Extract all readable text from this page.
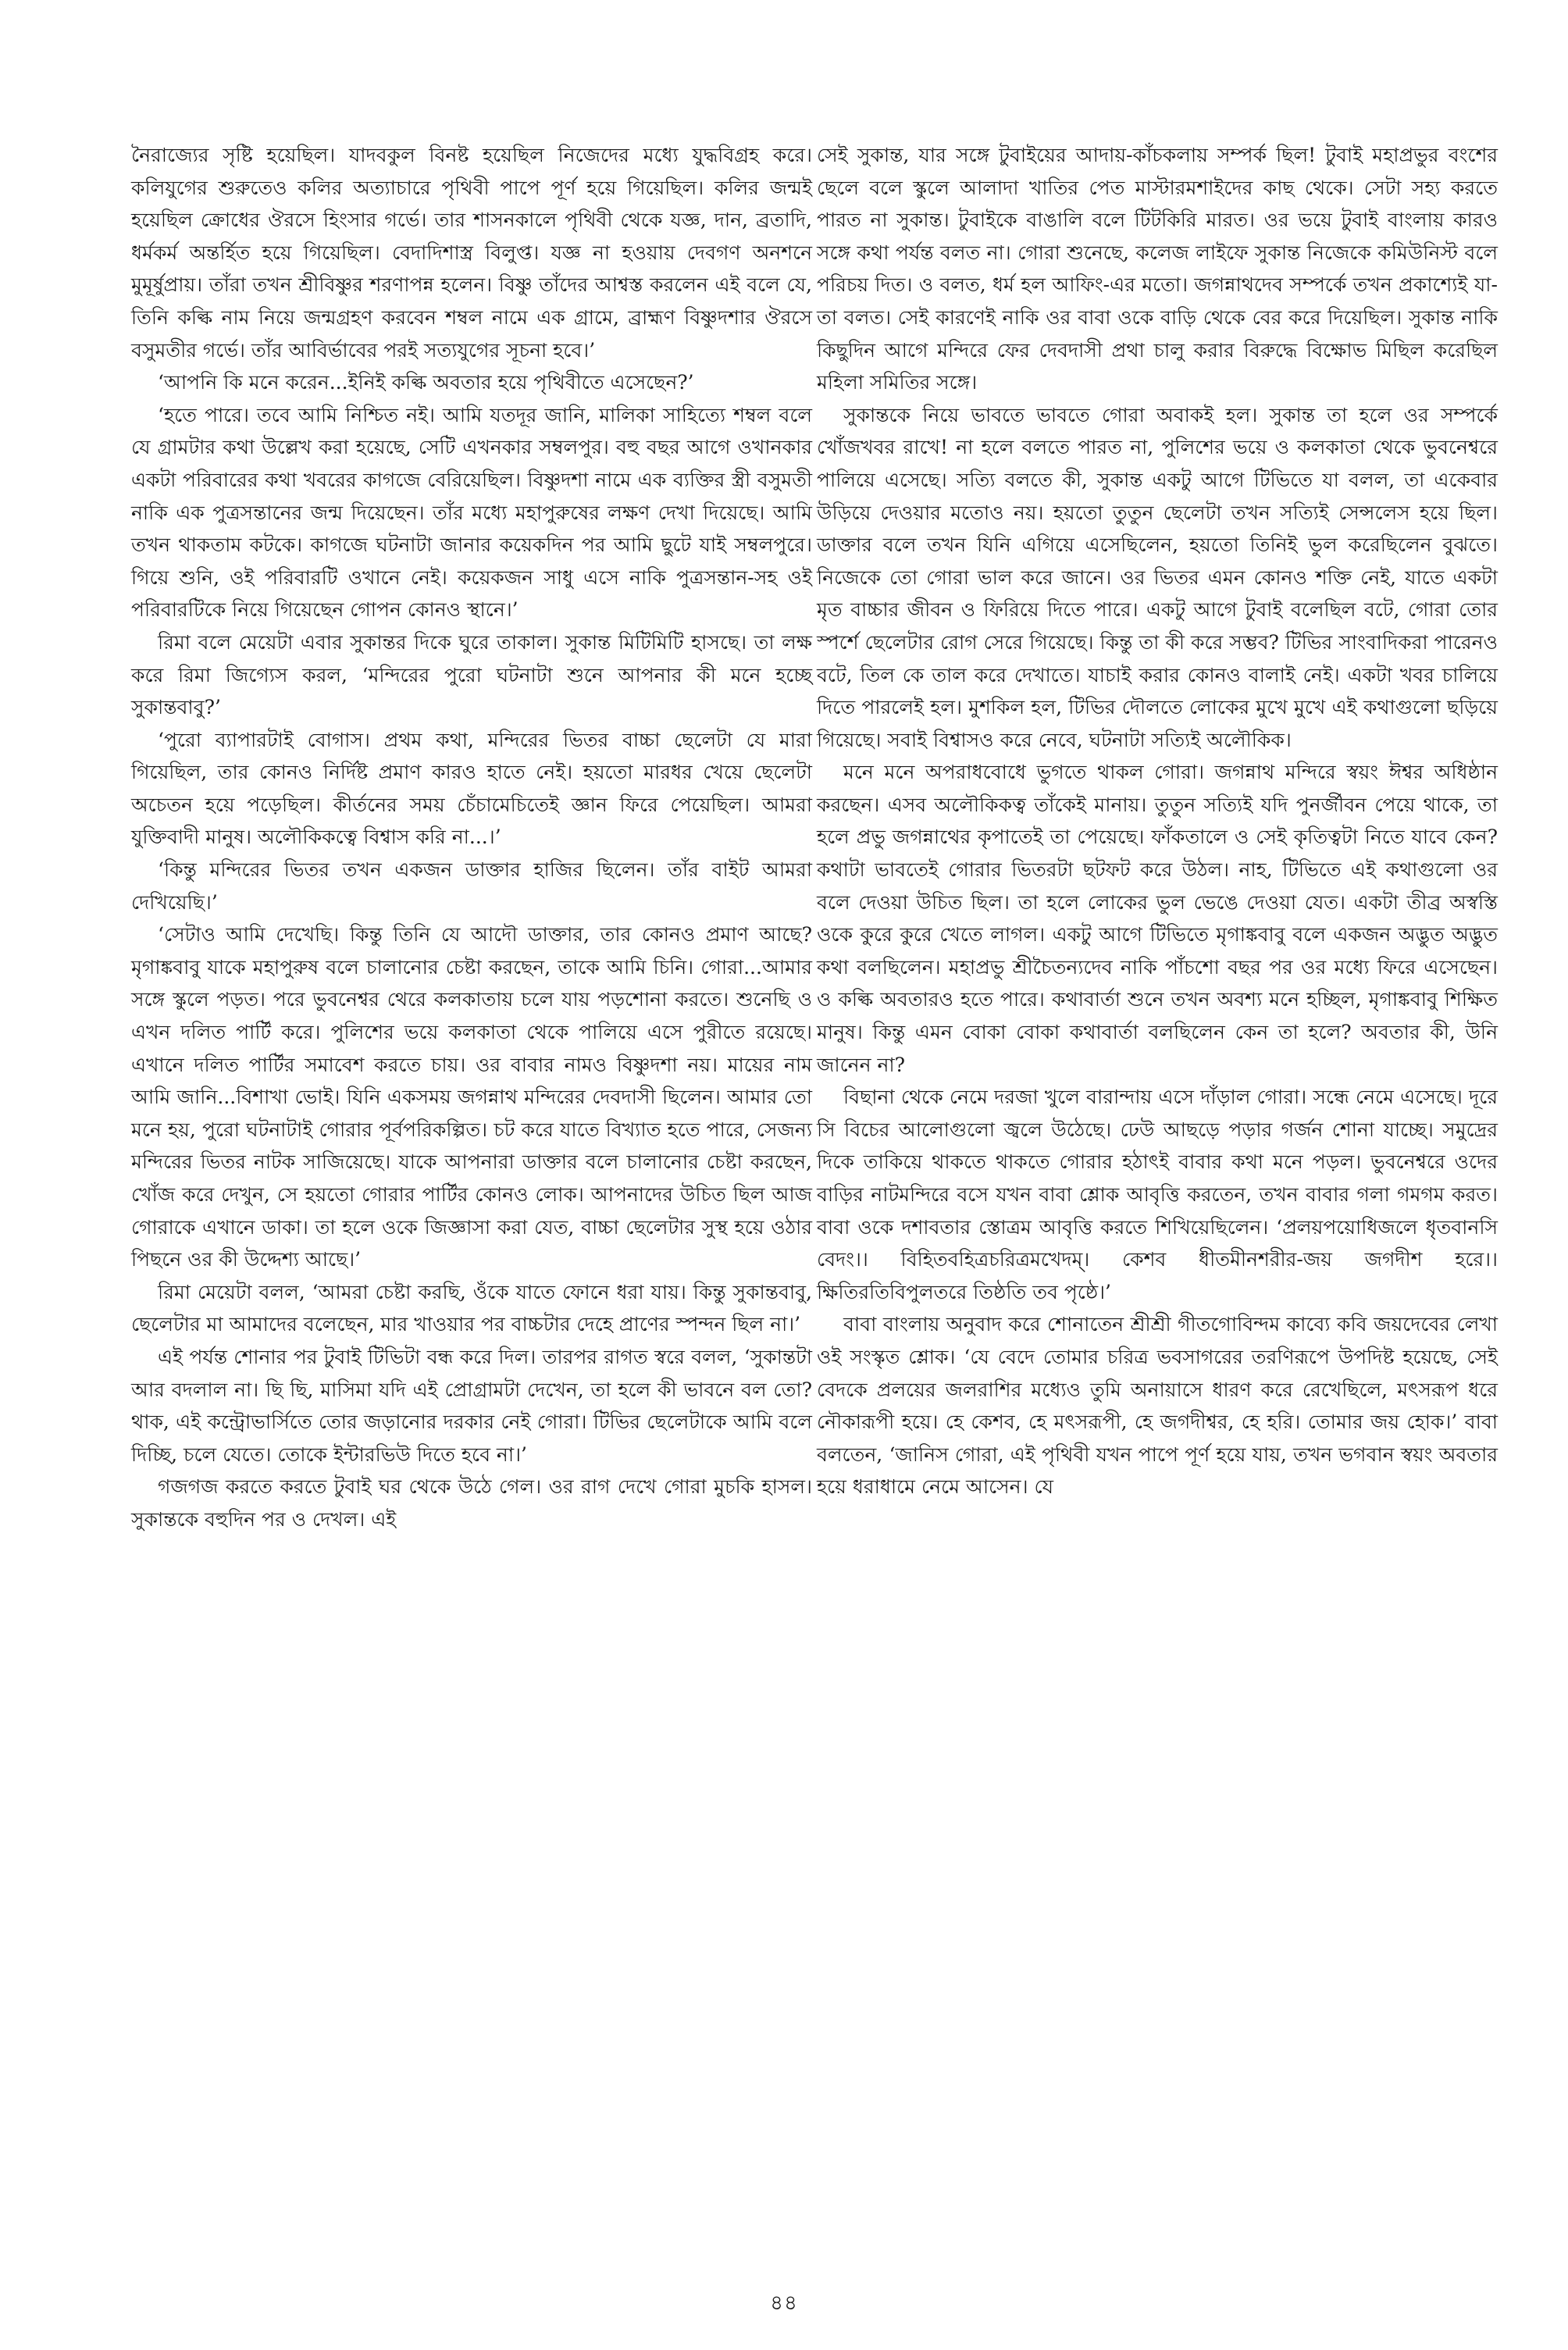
নৈরাজ্যের সৃষ্টি হয়েছিল। যাদবকুল বিনষ্ট হয়েছিল নিজেদের মধ্যে যুদ্ধবিগ্রহ করে। কলিযুগের শুরুতেও কলির অত্যাচারে পৃথিবী পাপে পূর্ণ হয়ে গিয়েছিল। কলির জন্মই হয়েছিল ক্রোধের ঔরসে হিংসার গর্ভে। তার শাসনকালে পৃথিবী থেকে যজ্ঞ, দান, ব্রতাদি, ধর্মকর্ম অন্তর্হিত হয়ে গিয়েছিল। বেদাদিশাস্ত্র বিলুপ্ত। যজ্ঞ না হওয়ায় দেবগণ অনশনে মুমূর্ষুপ্রায়। তাঁরা তখন শ্রীবিষ্ণুর শরণাপন্ন হলেন। বিষ্ণু তাঁদের আশ্বস্ত করলেন এই বলে যে, তিনি কল্কি নাম নিয়ে জন্মগ্রহণ করবেন শম্বল নামে এক গ্রামে, ব্রাহ্মণ বিষ্ণুদশার ঔরসে বসুমতীর গর্ভে। তাঁর আবির্ভাবের পরই সত্যযুগের সূচনা হবে।’

‘আপনি কি মনে করেন...ইনিই কল্কি অবতার হয়ে পৃথিবীতে এসেছেন?’

‘হতে পারে। তবে আমি নিশ্চিত নই। আমি যতদূর জানি, মালিকা সাহিত্যে শম্বল বলে যে গ্রামটার কথা উল্লেখ করা হয়েছে, সেটি এখনকার সম্বলপুর। বহু বছর আগে ওখানকার একটা পরিবারের কথা খবরের কাগজে বেরিয়েছিল। বিষ্ণুদশা নামে এক ব্যক্তির স্ত্রী বসুমতী নাকি এক পুত্রসন্তানের জন্ম দিয়েছেন। তাঁর মধ্যে মহাপুরুষের লক্ষণ দেখা দিয়েছে। আমি তখন থাকতাম কটকে। কাগজে ঘটনাটা জানার কয়েকদিন পর আমি ছুটে যাই সম্বলপুরে। গিয়ে শুনি, ওই পরিবারটি ওখানে নেই। কয়েকজন সাধু এসে নাকি পুত্রসন্তান-সহ ওই পরিবারটিকে নিয়ে গিয়েছেন গোপন কোনও স্থানে।’

রিমা বলে মেয়েটা এবার সুকান্তর দিকে ঘুরে তাকাল। সুকান্ত মিটিমিটি হাসছে। তা লক্ষ করে রিমা জিগ্যেস করল, ‘মন্দিরের পুরো ঘটনাটা শুনে আপনার কী মনে হচ্ছে সুকান্তবাবু?’

‘পুরো ব্যাপারটাই বোগাস। প্রথম কথা, মন্দিরের ভিতর বাচ্চা ছেলেটা যে মারা গিয়েছিল, তার কোনও নির্দিষ্ট প্রমাণ কারও হাতে নেই। হয়তো মারধর খেয়ে ছেলেটা অচেতন হয়ে পড়েছিল। কীর্তনের সময় চেঁচামেচিতেই জ্ঞান ফিরে পেয়েছিল। আমরা যুক্তিবাদী মানুষ। অলৌকিকত্বে বিশ্বাস করি না...।’

‘কিন্তু মন্দিরের ভিতর তখন একজন ডাক্তার হাজির ছিলেন। তাঁর বাইট আমরা দেখিয়েছি।’

‘সেটাও আমি দেখেছি। কিন্তু তিনি যে আদৌ ডাক্তার, তার কোনও প্রমাণ আছে? মৃগাঙ্কবাবু যাকে মহাপুরুষ বলে চালানোর চেষ্টা করছেন, তাকে আমি চিনি। গোরা...আমার সঙ্গে স্কুলে পড়ত। পরে ভুবনেশ্বর থেরে কলকাতায় চলে যায় পড়শোনা করতে। শুনেছি ও এখন দলিত পার্টি করে। পুলিশের ভয়ে কলকাতা থেকে পালিয়ে এসে পুরীতে রয়েছে। এখানে দলিত পার্টির সমাবেশ করতে চায়। ওর বাবার নামও বিষ্ণুদশা নয়। মায়ের নাম আমি জানি...বিশাখা ভোই। যিনি একসময় জগন্নাথ মন্দিরের দেবদাসী ছিলেন। আমার তো মনে হয়, পুরো ঘটনাটাই গোরার পূর্বপরিকল্পিত। চট করে যাতে বিখ্যাত হতে পারে, সেজন্য মন্দিরের ভিতর নাটক সাজিয়েছে। যাকে আপনারা ডাক্তার বলে চালানোর চেষ্টা করছেন, খোঁজ করে দেখুন, সে হয়তো গোরার পার্টির কোনও লোক। আপনাদের উচিত ছিল আজ গোরাকে এখানে ডাকা। তা হলে ওকে জিজ্ঞাসা করা যেত, বাচ্চা ছেলেটার সুস্থ হয়ে ওঠার পিছনে ওর কী উদ্দেশ্য আছে।’

রিমা মেয়েটা বলল, ‘আমরা চেষ্টা করছি, ওঁকে যাতে ফোনে ধরা যায়। কিন্তু সুকান্তবাবু, ছেলেটার মা আমাদের বলেছেন, মার খাওয়ার পর বাচ্চটার দেহে প্রাণের স্পন্দন ছিল না।’

এই পর্যন্ত শোনার পর টুবাই টিভিটা বন্ধ করে দিল। তারপর রাগত স্বরে বলল, ‘সুকান্তটা আর বদলাল না। ছি ছি, মাসিমা যদি এই প্রোগ্রামটা দেখেন, তা হলে কী ভাবনে বল তো? থাক, এই কন্ট্রোভার্সিতে তোর জড়ানোর দরকার নেই গোরা। টিভির ছেলেটাকে আমি বলে দিচ্ছি, চলে যেতে। তোকে ইন্টারভিউ দিতে হবে না।’

গজগজ করতে করতে টুবাই ঘর থেকে উঠে গেল। ওর রাগ দেখে গোরা মুচকি হাসল। সুকান্তকে বহুদিন পর ও দেখল। এই

সেই সুকান্ত, যার সঙ্গে টুবাইয়ের আদায়-কাঁচকলায় সম্পর্ক ছিল! টুবাই মহাপ্রভুর বংশের ছেলে বলে স্কুলে আলাদা খাতির পেত মাস্টারমশাইদের কাছ থেকে। সেটা সহ্য করতে পারত না সুকান্ত। টুবাইকে বাঙালি বলে টিটকিরি মারত। ওর ভয়ে টুবাই বাংলায় কারও সঙ্গে কথা পর্যন্ত বলত না। গোরা শুনেছে, কলেজ লাইফে সুকান্ত নিজেকে কমিউনিস্ট বলে পরিচয় দিত। ও বলত, ধর্ম হল আফিং-এর মতো। জগন্নাথদেব সম্পর্কে তখন প্রকাশ্যেই যা-তা বলত। সেই কারণেই নাকি ওর বাবা ওকে বাড়ি থেকে বের করে দিয়েছিল। সুকান্ত নাকি কিছুদিন আগে মন্দিরে ফের দেবদাসী প্রথা চালু করার বিরুদ্ধে বিক্ষোভ মিছিল করেছিল মহিলা সমিতির সঙ্গে।

সুকান্তকে নিয়ে ভাবতে ভাবতে গোরা অবাকই হল। সুকান্ত তা হলে ওর সম্পর্কে খোঁজখবর রাখে! না হলে বলতে পারত না, পুলিশের ভয়ে ও কলকাতা থেকে ভুবনেশ্বরে পালিয়ে এসেছে। সত্যি বলতে কী, সুকান্ত একটু আগে টিভিতে যা বলল, তা একেবার উড়িয়ে দেওয়ার মতোও নয়। হয়তো তুতুন ছেলেটা তখন সত্যিই সেন্সলেস হয়ে ছিল। ডাক্তার বলে তখন যিনি এগিয়ে এসেছিলেন, হয়তো তিনিই ভুল করেছিলেন বুঝতে। নিজেকে তো গোরা ভাল করে জানে। ওর ভিতর এমন কোনও শক্তি নেই, যাতে একটা মৃত বাচ্চার জীবন ও ফিরিয়ে দিতে পারে। একটু আগে টুবাই বলেছিল বটে, গোরা তোর স্পর্শে ছেলেটার রোগ সেরে গিয়েছে। কিন্তু তা কী করে সম্ভব? টিভির সাংবাদিকরা পারেনও বটে, তিল কে তাল করে দেখাতে। যাচাই করার কোনও বালাই নেই। একটা খবর চালিয়ে দিতে পারলেই হল। মুশকিল হল, টিভির দৌলতে লোকের মুখে মুখে এই কথাগুলো ছড়িয়ে গিয়েছে। সবাই বিশ্বাসও করে নেবে, ঘটনাটা সত্যিই অলৌকিক।

মনে মনে অপরাধবোধে ভুগতে থাকল গোরা। জগন্নাথ মন্দিরে স্বয়ং ঈশ্বর অধিষ্ঠান করছেন। এসব অলৌকিকত্ব তাঁকেই মানায়। তুতুন সত্যিই যদি পুনর্জীবন পেয়ে থাকে, তা হলে প্রভু জগন্নাথের কৃপাতেই তা পেয়েছে। ফাঁকতালে ও সেই কৃতিত্বটা নিতে যাবে কেন? কথাটা ভাবতেই গোরার ভিতরটা ছটফট করে উঠল। নাহ, টিভিতে এই কথাগুলো ওর বলে দেওয়া উচিত ছিল। তা হলে লোকের ভুল ভেঙে দেওয়া যেত। একটা তীব্র অস্বস্তি ওকে কুরে কুরে খেতে লাগল। একটু আগে টিভিতে মৃগাঙ্কবাবু বলে একজন অদ্ভুত অদ্ভুত কথা বলছিলেন। মহাপ্রভু শ্রীচৈতন্যদেব নাকি পাঁচশো বছর পর ওর মধ্যে ফিরে এসেছেন। ও কল্কি অবতারও হতে পারে। কথাবার্তা শুনে তখন অবশ্য মনে হচ্ছিল, মৃগাঙ্কবাবু শিক্ষিত মানুষ। কিন্তু এমন বোকা বোকা কথাবার্তা বলছিলেন কেন তা হলে? অবতার কী, উনি জানেন না?

বিছানা থেকে নেমে দরজা খুলে বারান্দায় এসে দাঁড়াল গোরা। সন্ধে নেমে এসেছে। দূরে সি বিচের আলোগুলো জ্বলে উঠেছে। ঢেউ আছড়ে পড়ার গর্জন শোনা যাচ্ছে। সমুদ্রের দিকে তাকিয়ে থাকতে থাকতে গোরার হঠাৎই বাবার কথা মনে পড়ল। ভুবনেশ্বরে ওদের বাড়ির নাটমন্দিরে বসে যখন বাবা শ্লোক আবৃত্তি করতেন, তখন বাবার গলা গমগম করত। বাবা ওকে দশাবতার স্তোত্রম আবৃত্তি করতে শিখিয়েছিলেন। ‘প্রলয়পয়োধিজলে ধৃতবানসি বেদং।। বিহিতবহিত্রচরিত্রমখেদম্। কেশব ধীতমীনশরীর-জয় জগদীশ হরে।। ক্ষিতিরতিবিপুলতরে তিষ্ঠতি তব পৃষ্ঠে।’

বাবা বাংলায় অনুবাদ করে শোনাতেন শ্রীশ্রী গীতগোবিন্দম কাব্যে কবি জয়দেবের লেখা ওই সংস্কৃত শ্লোক। ‘যে বেদে তোমার চরিত্র ভবসাগরের তরণিরূপে উপদিষ্ট হয়েছে, সেই বেদকে প্রলয়ের জলরাশির মধ্যেও তুমি অনায়াসে ধারণ করে রেখেছিলে, মৎসরূপ ধরে নৌকারূপী হয়ে। হে কেশব, হে মৎসরূপী, হে জগদীশ্বর, হে হরি। তোমার জয় হোক।’ বাবা বলতেন, ‘জানিস গোরা, এই পৃথিবী যখন পাপে পূর্ণ হয়ে যায়, তখন ভগবান স্বয়ং অবতার হয়ে ধরাধামে নেমে আসেন। যে

৪৪
